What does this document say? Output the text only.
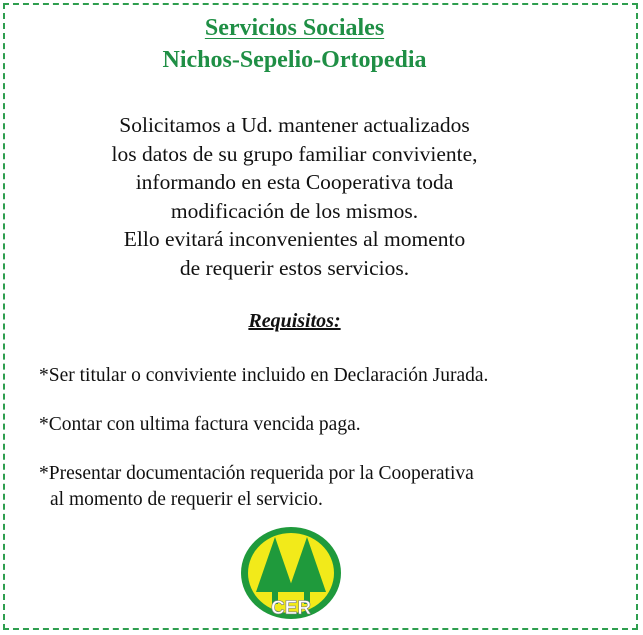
Servicios Sociales
Nichos-Sepelio-Ortopedia
Solicitamos a Ud. mantener actualizados
los datos de su grupo familiar conviviente,
informando en esta Cooperativa toda
modificación de los mismos.
Ello evitará inconvenientes al momento
de requerir estos servicios.
Requisitos:
*Ser titular o conviviente incluido en Declaración Jurada.
*Contar con ultima factura vencida paga.
*Presentar documentación requerida por la Cooperativa
al momento de requerir el servicio.
CER
